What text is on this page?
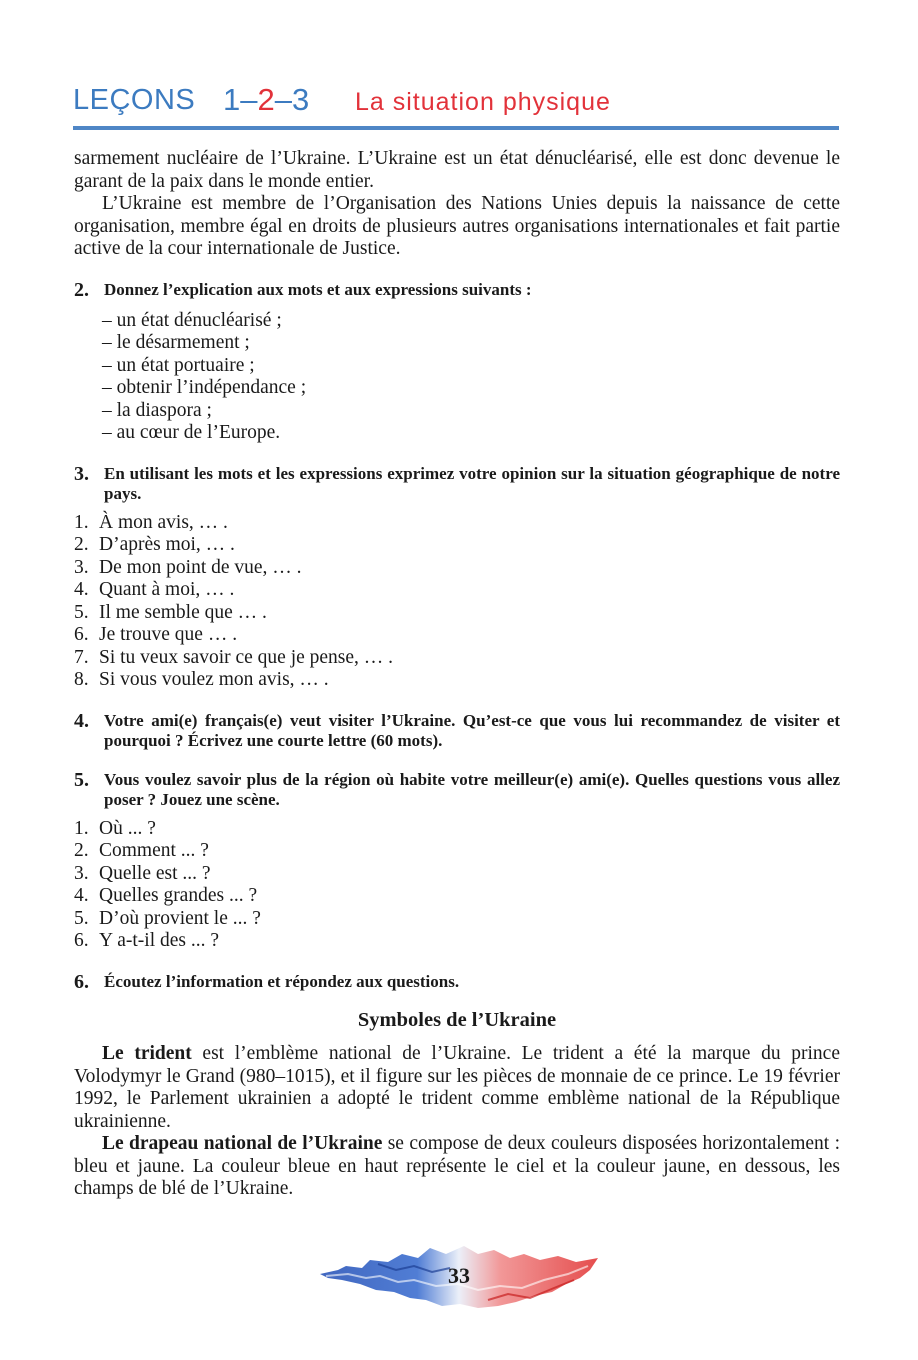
LEÇONS 1–2–3 La situation physique

sarmement nucléaire de l’Ukraine. L’Ukraine est un état dénucléarisé, elle est donc devenue le garant de la paix dans le monde entier.

L’Ukraine est membre de l’Organisation des Nations Unies depuis la naissance de cette organisation, membre égal en droits de plusieurs autres organisations internationales et fait partie active de la cour internationale de Justice.

2. Donnez l’explication aux mots et aux expressions suivants :
– un état dénucléarisé ;
– le désarmement ;
– un état portuaire ;
– obtenir l’indépendance ;
– la diaspora ;
– au cœur de l’Europe.
3. En utilisant les mots et les expressions exprimez votre opinion sur la situation géographique de notre pays.
1. À mon avis, … .
2. D’après moi, … .
3. De mon point de vue, … .
4. Quant à moi, … .
5. Il me semble que … .
6. Je trouve que … .
7. Si tu veux savoir ce que je pense, … .
8. Si vous voulez mon avis, … .
4. Votre ami(e) français(e) veut visiter l’Ukraine. Qu’est-ce que vous lui recommandez de visiter et pourquoi ? Écrivez une courte lettre (60 mots).
5. Vous voulez savoir plus de la région où habite votre meilleur(e) ami(e). Quelles questions vous allez poser ? Jouez une scène.
1. Où ... ?
2. Comment ... ?
3. Quelle est ... ?
4. Quelles grandes ... ?
5. D’où provient le ... ?
6. Y a-t-il des ... ?
6. Écoutez l’information et répondez aux questions.
Symboles de l’Ukraine

Le trident est l’emblème national de l’Ukraine. Le trident a été la marque du prince Volodymyr le Grand (980–1015), et il figure sur les pièces de monnaie de ce prince. Le 19 février 1992, le Parlement ukrainien a adopté le trident comme emblème national de la République ukrainienne.

Le drapeau national de l’Ukraine se compose de deux couleurs disposées horizontalement : bleu et jaune. La couleur bleue en haut représente le ciel et la couleur jaune, en dessous, les champs de blé de l’Ukraine.

33
